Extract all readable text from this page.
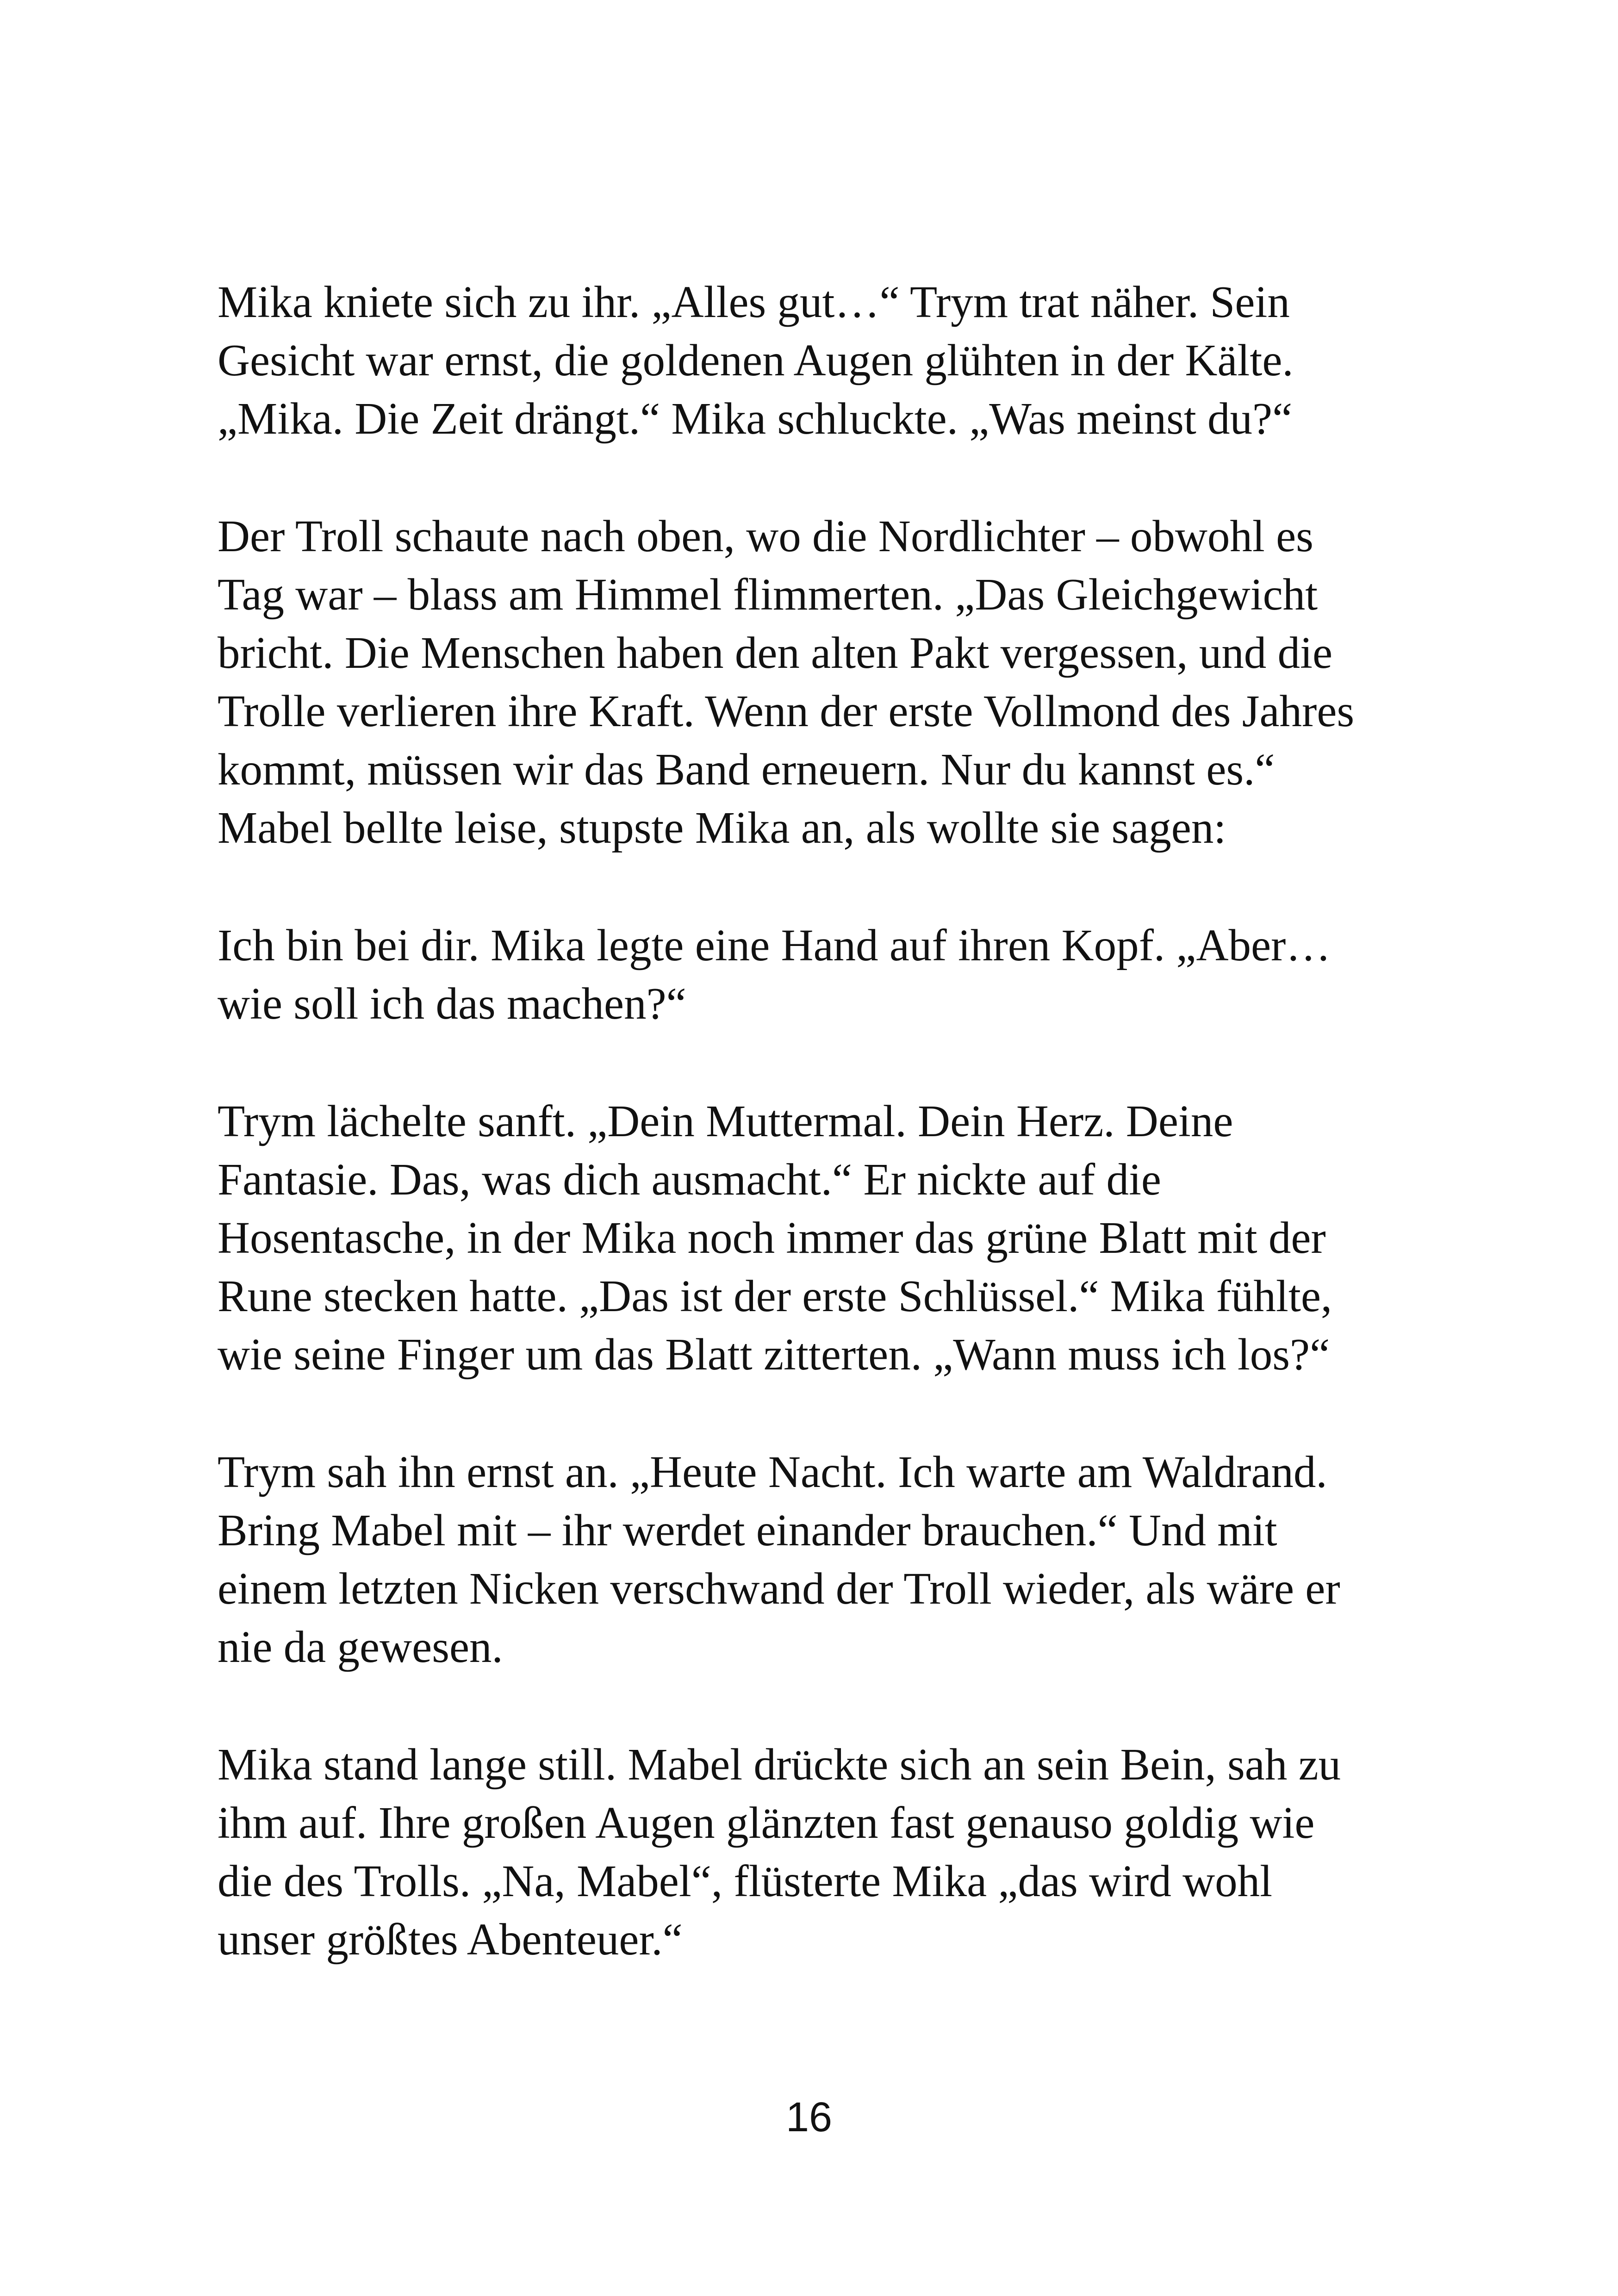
Mika kniete sich zu ihr. „Alles gut…“ Trym trat näher. Sein
Gesicht war ernst, die goldenen Augen glühten in der Kälte.
„Mika. Die Zeit drängt.“ Mika schluckte. „Was meinst du?“

Der Troll schaute nach oben, wo die Nordlichter – obwohl es
Tag war – blass am Himmel flimmerten. „Das Gleichgewicht
bricht. Die Menschen haben den alten Pakt vergessen, und die
Trolle verlieren ihre Kraft. Wenn der erste Vollmond des Jahres
kommt, müssen wir das Band erneuern. Nur du kannst es.“
Mabel bellte leise, stupste Mika an, als wollte sie sagen:

Ich bin bei dir. Mika legte eine Hand auf ihren Kopf. „Aber…
wie soll ich das machen?“

Trym lächelte sanft. „Dein Muttermal. Dein Herz. Deine
Fantasie. Das, was dich ausmacht.“ Er nickte auf die
Hosentasche, in der Mika noch immer das grüne Blatt mit der
Rune stecken hatte. „Das ist der erste Schlüssel.“ Mika fühlte,
wie seine Finger um das Blatt zitterten. „Wann muss ich los?“

Trym sah ihn ernst an. „Heute Nacht. Ich warte am Waldrand.
Bring Mabel mit – ihr werdet einander brauchen.“ Und mit
einem letzten Nicken verschwand der Troll wieder, als wäre er
nie da gewesen.

Mika stand lange still. Mabel drückte sich an sein Bein, sah zu
ihm auf. Ihre großen Augen glänzten fast genauso goldig wie
die des Trolls. „Na, Mabel“, flüsterte Mika „das wird wohl
unser größtes Abenteuer.“

16
